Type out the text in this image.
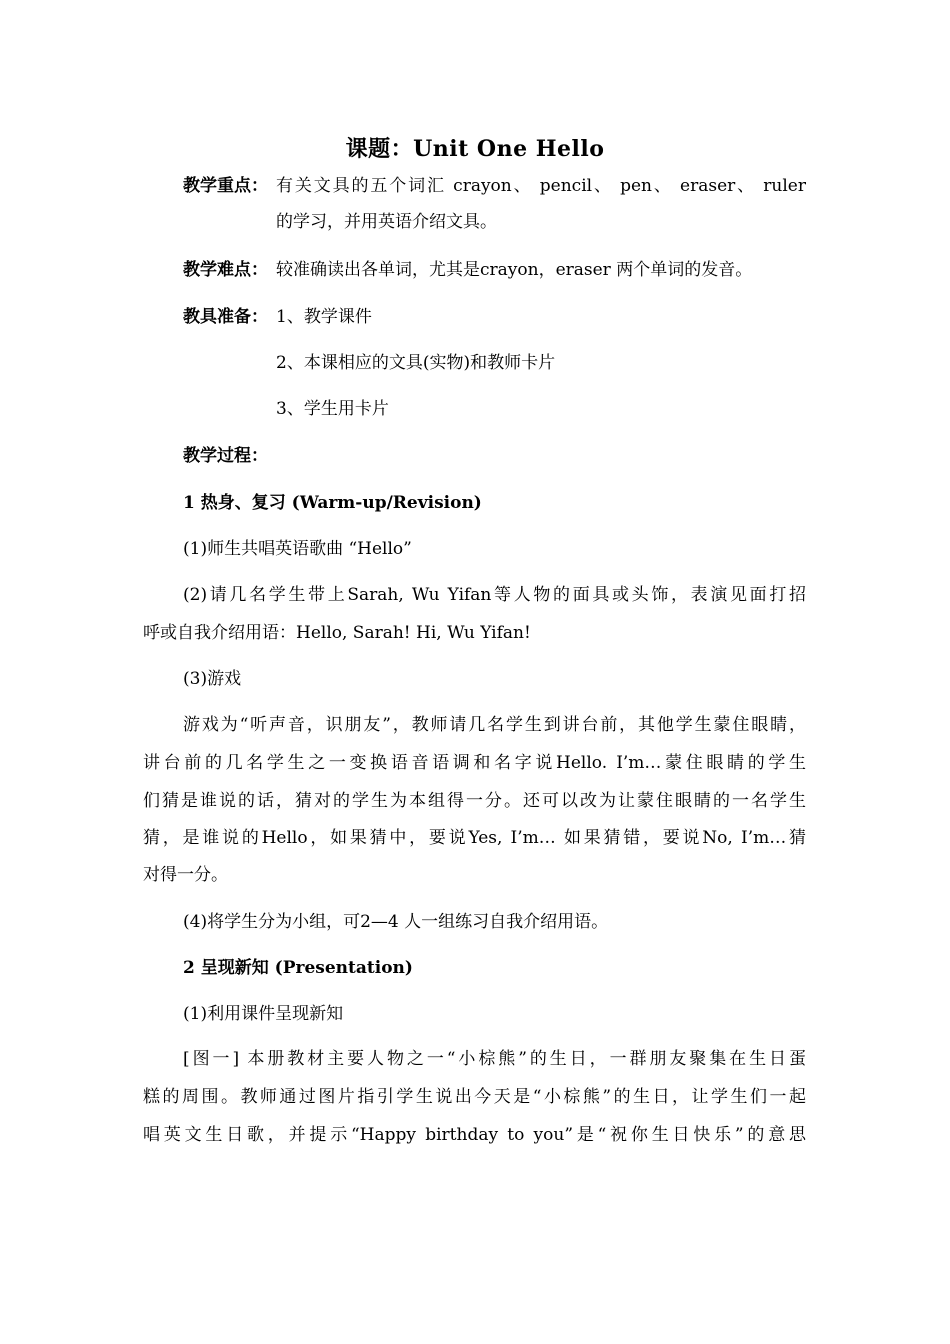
课题：Unit One Hello
教学重点： 有关文具的五个词汇 crayon、 pencil、 pen、 eraser、 ruler
的学习，并用英语介绍文具。
教学难点： 较准确读出各单词，尤其是crayon，eraser 两个单词的发音。
教具准备： 1、教学课件
2、本课相应的文具(实物)和教师卡片
3、学生用卡片
教学过程：
1 热身、复习 (Warm-up/Revision)
(1)师生共唱英语歌曲 “Hello”
(2)请几名学生带上Sarah, Wu Yifan等人物的面具或头饰，表演见面打招
呼或自我介绍用语：Hello, Sarah! Hi, Wu Yifan!
(3)游戏
游戏为“听声音，识朋友”，教师请几名学生到讲台前，其他学生蒙住眼睛，
讲台前的几名学生之一变换语音语调和名字说Hello. I’m…蒙住眼睛的学生
们猜是谁说的话，猜对的学生为本组得一分。还可以改为让蒙住眼睛的一名学生
猜，是谁说的Hello，如果猜中，要说Yes, I’m… 如果猜错，要说No, I’m…猜
对得一分。
(4)将学生分为小组，可2—4 人一组练习自我介绍用语。
2 呈现新知 (Presentation)
(1)利用课件呈现新知
[图一] 本册教材主要人物之一“小棕熊”的生日，一群朋友聚集在生日蛋
糕的周围。教师通过图片指引学生说出今天是“小棕熊”的生日，让学生们一起
唱英文生日歌，并提示“Happy birthday to you”是“祝你生日快乐”的意思
